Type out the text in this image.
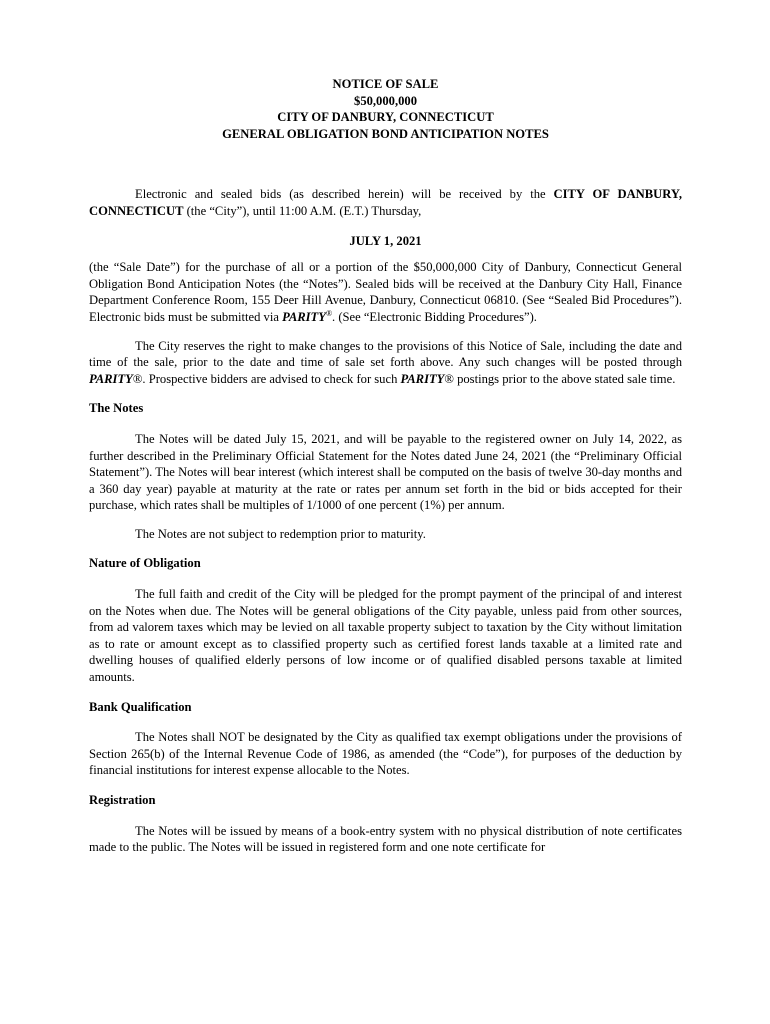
NOTICE OF SALE
$50,000,000
CITY OF DANBURY, CONNECTICUT
GENERAL OBLIGATION BOND ANTICIPATION NOTES

Electronic and sealed bids (as described herein) will be received by the CITY OF DANBURY, CONNECTICUT (the “City”), until 11:00 A.M. (E.T.) Thursday,

JULY 1, 2021

(the “Sale Date”) for the purchase of all or a portion of the $50,000,000 City of Danbury, Connecticut General Obligation Bond Anticipation Notes (the “Notes”). Sealed bids will be received at the Danbury City Hall, Finance Department Conference Room, 155 Deer Hill Avenue, Danbury, Connecticut 06810. (See “Sealed Bid Procedures”). Electronic bids must be submitted via PARITY®. (See “Electronic Bidding Procedures”).

The City reserves the right to make changes to the provisions of this Notice of Sale, including the date and time of the sale, prior to the date and time of sale set forth above. Any such changes will be posted through PARITY®. Prospective bidders are advised to check for such PARITY® postings prior to the above stated sale time.

The Notes

The Notes will be dated July 15, 2021, and will be payable to the registered owner on July 14, 2022, as further described in the Preliminary Official Statement for the Notes dated June 24, 2021 (the “Preliminary Official Statement”). The Notes will bear interest (which interest shall be computed on the basis of twelve 30-day months and a 360 day year) payable at maturity at the rate or rates per annum set forth in the bid or bids accepted for their purchase, which rates shall be multiples of 1/1000 of one percent (1%) per annum.

The Notes are not subject to redemption prior to maturity.

Nature of Obligation

The full faith and credit of the City will be pledged for the prompt payment of the principal of and interest on the Notes when due. The Notes will be general obligations of the City payable, unless paid from other sources, from ad valorem taxes which may be levied on all taxable property subject to taxation by the City without limitation as to rate or amount except as to classified property such as certified forest lands taxable at a limited rate and dwelling houses of qualified elderly persons of low income or of qualified disabled persons taxable at limited amounts.

Bank Qualification

The Notes shall NOT be designated by the City as qualified tax exempt obligations under the provisions of Section 265(b) of the Internal Revenue Code of 1986, as amended (the “Code”), for purposes of the deduction by financial institutions for interest expense allocable to the Notes.

Registration

The Notes will be issued by means of a book-entry system with no physical distribution of note certificates made to the public. The Notes will be issued in registered form and one note certificate for
